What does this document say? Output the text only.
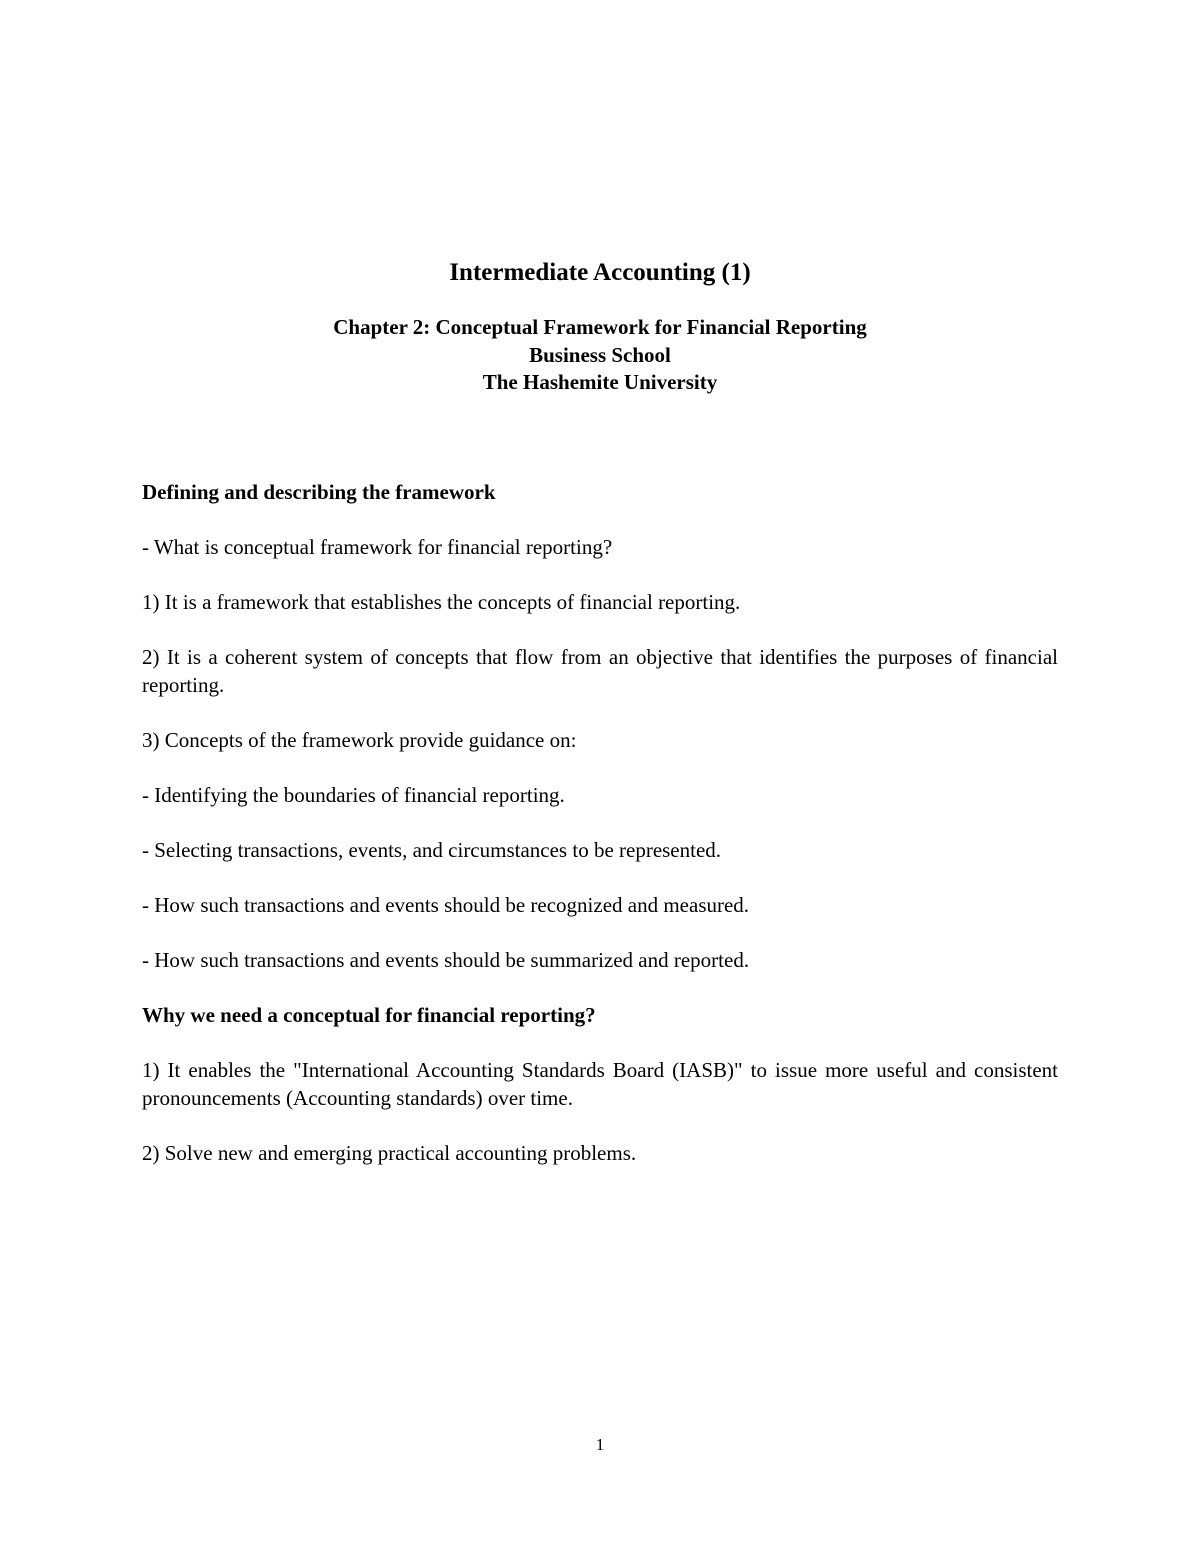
Intermediate Accounting (1)
Chapter 2: Conceptual Framework for Financial Reporting
Business School
The Hashemite University

Defining and describing the framework

- What is conceptual framework for financial reporting?

1) It is a framework that establishes the concepts of financial reporting.

2) It is a coherent system of concepts that flow from an objective that identifies the purposes of financial reporting.

3) Concepts of the framework provide guidance on:

- Identifying the boundaries of financial reporting.

- Selecting transactions, events, and circumstances to be represented.

- How such transactions and events should be recognized and measured.

- How such transactions and events should be summarized and reported.

Why we need a conceptual for financial reporting?

1) It enables the "International Accounting Standards Board (IASB)" to issue more useful and consistent pronouncements (Accounting standards) over time.

2) Solve new and emerging practical accounting problems.

1
